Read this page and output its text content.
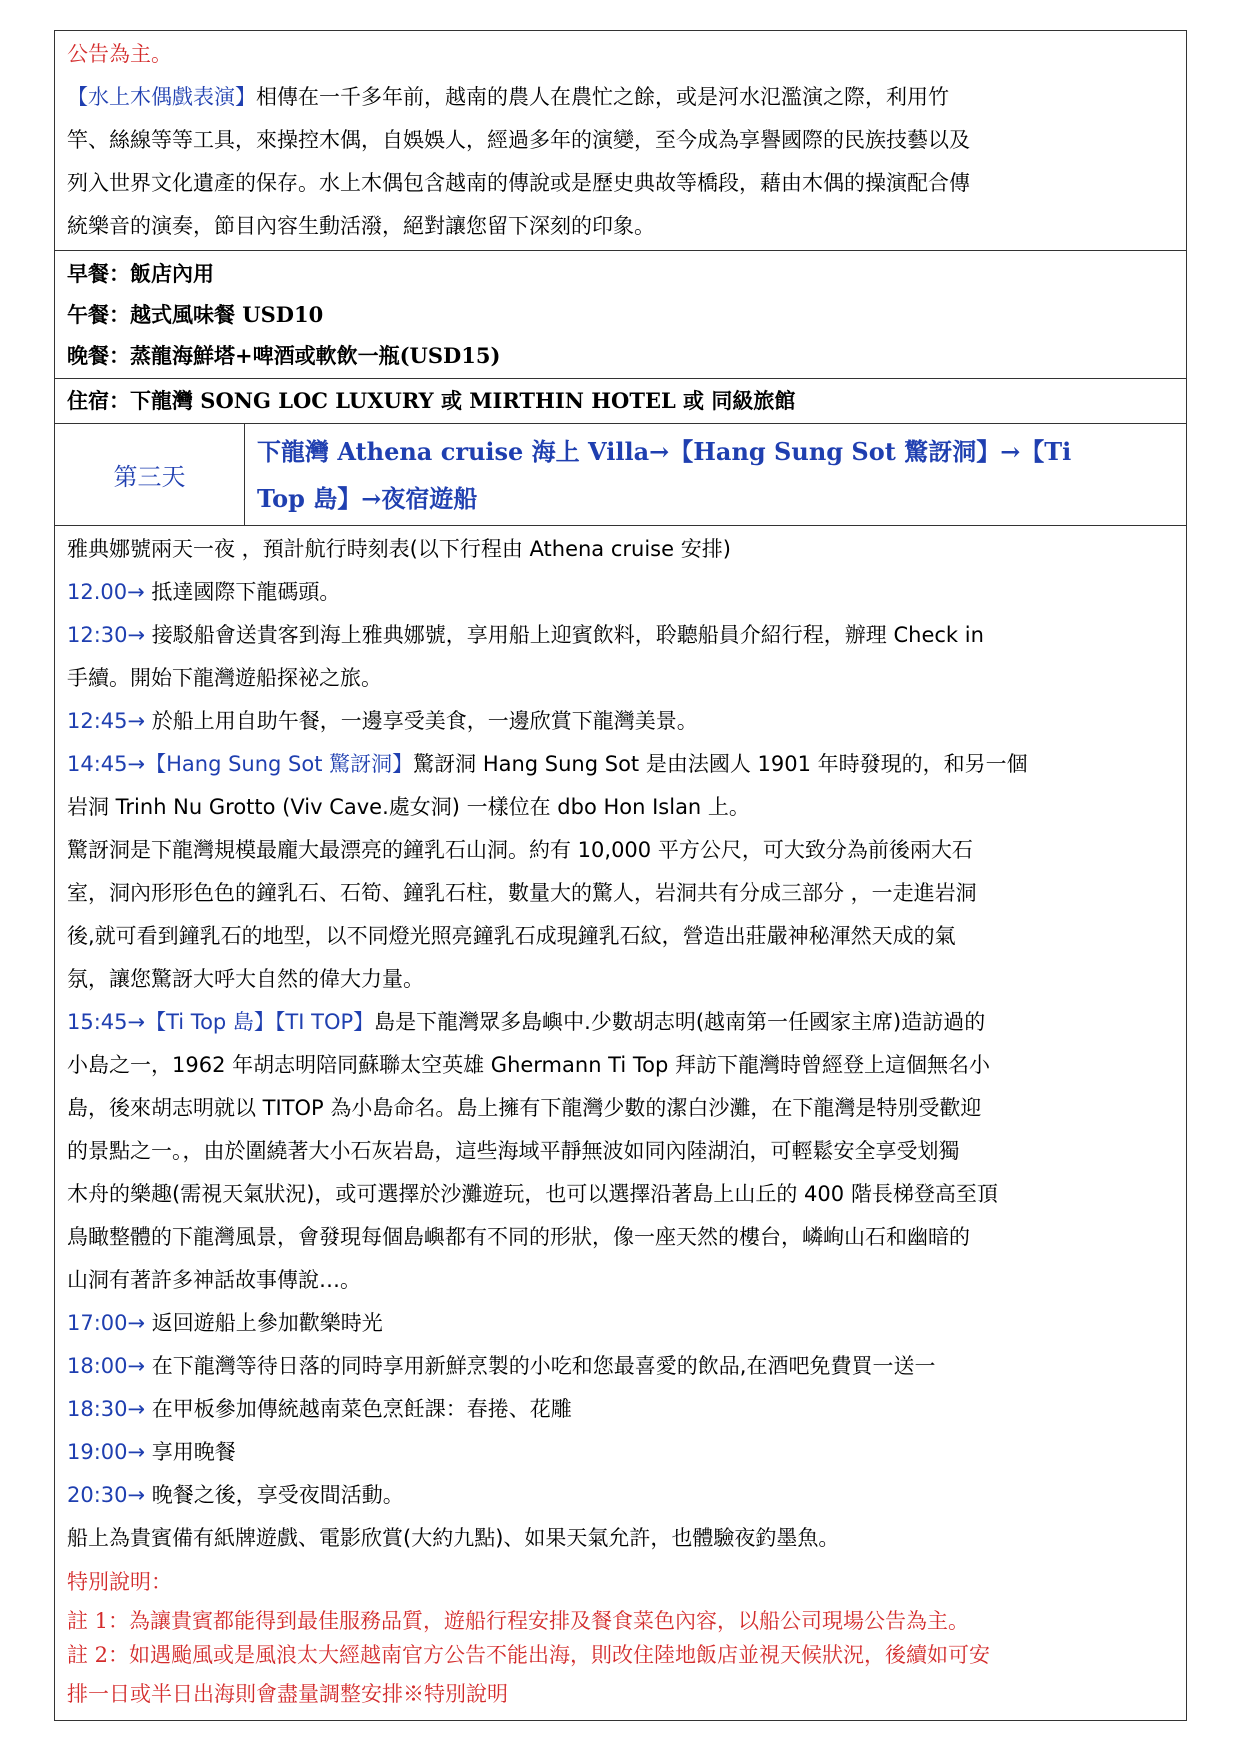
公告為主。
【水上木偶戲表演】相傳在一千多年前，越南的農人在農忙之餘，或是河水氾濫演之際，利用竹
竿、絲線等等工具，來操控木偶，自娛娛人，經過多年的演變，至今成為享譽國際的民族技藝以及
列入世界文化遺產的保存。水上木偶包含越南的傳說或是歷史典故等橋段，藉由木偶的操演配合傳
統樂音的演奏，節目內容生動活潑，絕對讓您留下深刻的印象。
早餐：飯店內用
午餐：越式風味餐 USD10
晚餐：蒸龍海鮮塔+啤酒或軟飲一瓶(USD15)
住宿：下龍灣 SONG LOC LUXURY 或 MIRTHIN HOTEL 或 同級旅館
第三天
下龍灣 Athena cruise 海上 Villa→【Hang Sung Sot 驚訝洞】→【Ti
Top 島】→夜宿遊船
雅典娜號兩天一夜 ，預計航行時刻表(以下行程由 Athena cruise 安排)
12.00→ 抵達國際下龍碼頭。
12:30→ 接駁船會送貴客到海上雅典娜號，享用船上迎賓飲料，聆聽船員介紹行程，辦理 Check in
手續。開始下龍灣遊船探祕之旅。
12:45→ 於船上用自助午餐，一邊享受美食，一邊欣賞下龍灣美景。
14:45→【Hang Sung Sot 驚訝洞】驚訝洞 Hang Sung Sot 是由法國人 1901 年時發現的，和另一個
岩洞 Trinh Nu Grotto (Viv Cave.處女洞) 一樣位在 dbo Hon Islan 上。
驚訝洞是下龍灣規模最龐大最漂亮的鐘乳石山洞。約有 10,000 平方公尺，可大致分為前後兩大石
室，洞內形形色色的鐘乳石、石筍、鐘乳石柱，數量大的驚人，岩洞共有分成三部分 ，一走進岩洞
後,就可看到鐘乳石的地型，以不同燈光照亮鐘乳石成現鐘乳石紋，營造出莊嚴神秘渾然天成的氣
氛，讓您驚訝大呼大自然的偉大力量。
15:45→【Ti Top 島】【TI TOP】島是下龍灣眾多島嶼中.少數胡志明(越南第一任國家主席)造訪過的
小島之一，1962 年胡志明陪同蘇聯太空英雄 Ghermann Ti Top 拜訪下龍灣時曾經登上這個無名小
島，後來胡志明就以 TITOP 為小島命名。島上擁有下龍灣少數的潔白沙灘，在下龍灣是特別受歡迎
的景點之一。，由於圍繞著大小石灰岩島，這些海域平靜無波如同內陸湖泊，可輕鬆安全享受划獨
木舟的樂趣(需視天氣狀況)，或可選擇於沙灘遊玩，也可以選擇沿著島上山丘的 400 階長梯登高至頂
鳥瞰整體的下龍灣風景，會發現每個島嶼都有不同的形狀，像一座天然的樓台，嶙峋山石和幽暗的
山洞有著許多神話故事傳說…。
17:00→ 返回遊船上參加歡樂時光
18:00→ 在下龍灣等待日落的同時享用新鮮烹製的小吃和您最喜愛的飲品,在酒吧免費買一送一
18:30→ 在甲板參加傳統越南菜色烹飪課：春捲、花雕
19:00→ 享用晚餐
20:30→ 晚餐之後，享受夜間活動。
船上為貴賓備有紙牌遊戲、電影欣賞(大約九點)、如果天氣允許，也體驗夜釣墨魚。
特別說明：
註 1：為讓貴賓都能得到最佳服務品質，遊船行程安排及餐食菜色內容，以船公司現場公告為主。
註 2：如遇颱風或是風浪太大經越南官方公告不能出海，則改住陸地飯店並視天候狀況，後續如可安
排一日或半日出海則會盡量調整安排※特別說明
